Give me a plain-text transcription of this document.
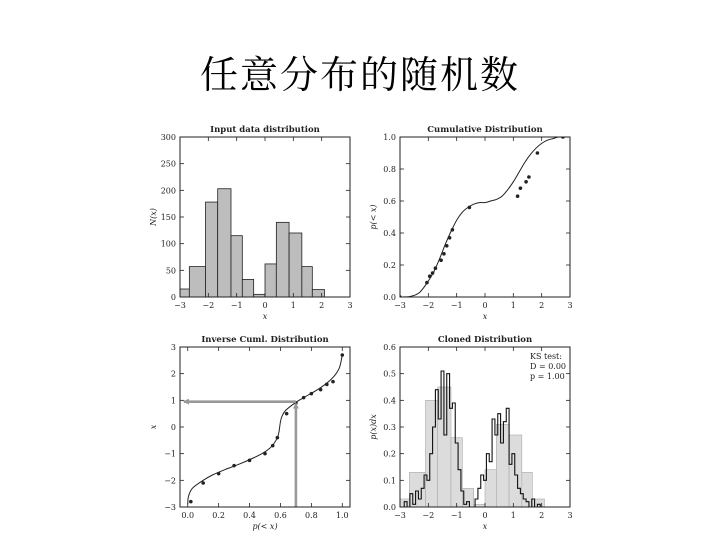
任意分布的随机数
−3 −2 −1 0	1	2	3
0
50
100
150
200
250
300
Input data distribution
x
N(x)
−3 −2 −1 0	1	2	3
0.0
0.2
0.4
0.6
0.8
1.0
Cumulative Distribution
x
p(< x)
0.0 0.2 0.4 0.6 0.8 1.0
−3
−2
−1
0
1
2
3
Inverse Cuml. Distribution
p(< x)
x
KS test:
D = 0.00
p = 1.00
−3 −2 −1 0	1	2	3
0.0
0.1
0.2
0.3
0.4
0.5
0.6
Cloned Distribution
x
p(x)dx
